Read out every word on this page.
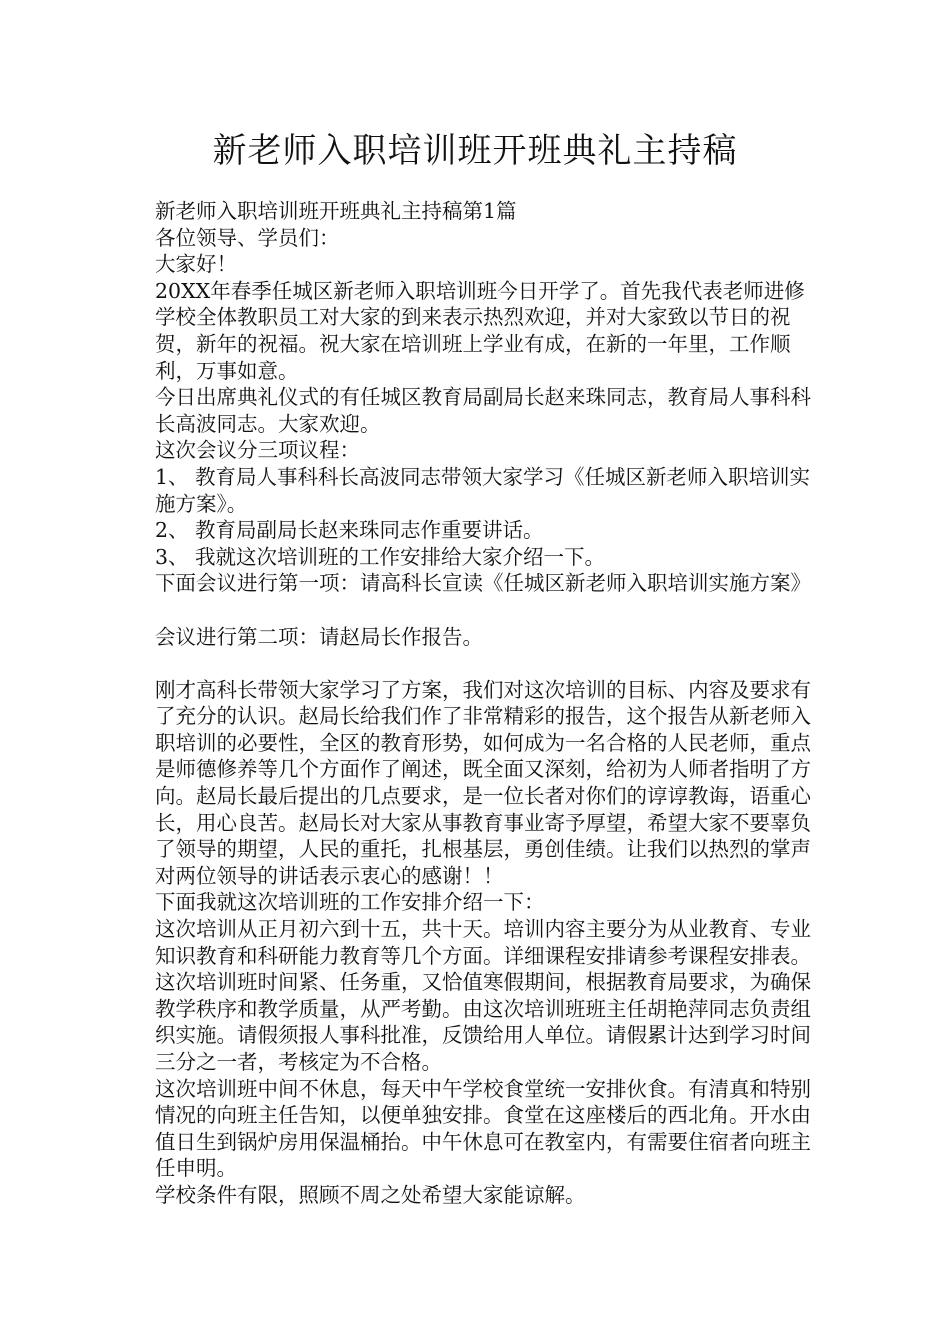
新老师入职培训班开班典礼主持稿

新老师入职培训班开班典礼主持稿第1篇

各位领导、学员们：

大家好！

20XX年春季任城区新老师入职培训班今日开学了。首先我代表老师进修学校全体教职员工对大家的到来表示热烈欢迎，并对大家致以节日的祝贺，新年的祝福。祝大家在培训班上学业有成，在新的一年里，工作顺利，万事如意。

今日出席典礼仪式的有任城区教育局副局长赵来珠同志，教育局人事科科长高波同志。大家欢迎。

这次会议分三项议程：

1、 教育局人事科科长高波同志带领大家学习《任城区新老师入职培训实施方案》。

2、 教育局副局长赵来珠同志作重要讲话。

3、 我就这次培训班的工作安排给大家介绍一下。

下面会议进行第一项：请高科长宣读《任城区新老师入职培训实施方案》

会议进行第二项：请赵局长作报告。

刚才高科长带领大家学习了方案，我们对这次培训的目标、内容及要求有了充分的认识。赵局长给我们作了非常精彩的报告，这个报告从新老师入职培训的必要性，全区的教育形势，如何成为一名合格的人民老师，重点是师德修养等几个方面作了阐述，既全面又深刻，给初为人师者指明了方向。赵局长最后提出的几点要求，是一位长者对你们的谆谆教诲，语重心长，用心良苦。赵局长对大家从事教育事业寄予厚望，希望大家不要辜负了领导的期望，人民的重托，扎根基层，勇创佳绩。让我们以热烈的掌声对两位领导的讲话表示衷心的感谢！！

下面我就这次培训班的工作安排介绍一下：

这次培训从正月初六到十五，共十天。培训内容主要分为从业教育、专业知识教育和科研能力教育等几个方面。详细课程安排请参考课程安排表。

这次培训班时间紧、任务重，又恰值寒假期间，根据教育局要求，为确保教学秩序和教学质量，从严考勤。由这次培训班班主任胡艳萍同志负责组织实施。请假须报人事科批准，反馈给用人单位。请假累计达到学习时间三分之一者，考核定为不合格。

这次培训班中间不休息，每天中午学校食堂统一安排伙食。有清真和特别情况的向班主任告知，以便单独安排。食堂在这座楼后的西北角。开水由值日生到锅炉房用保温桶抬。中午休息可在教室内，有需要住宿者向班主任申明。

学校条件有限，照顾不周之处希望大家能谅解。
